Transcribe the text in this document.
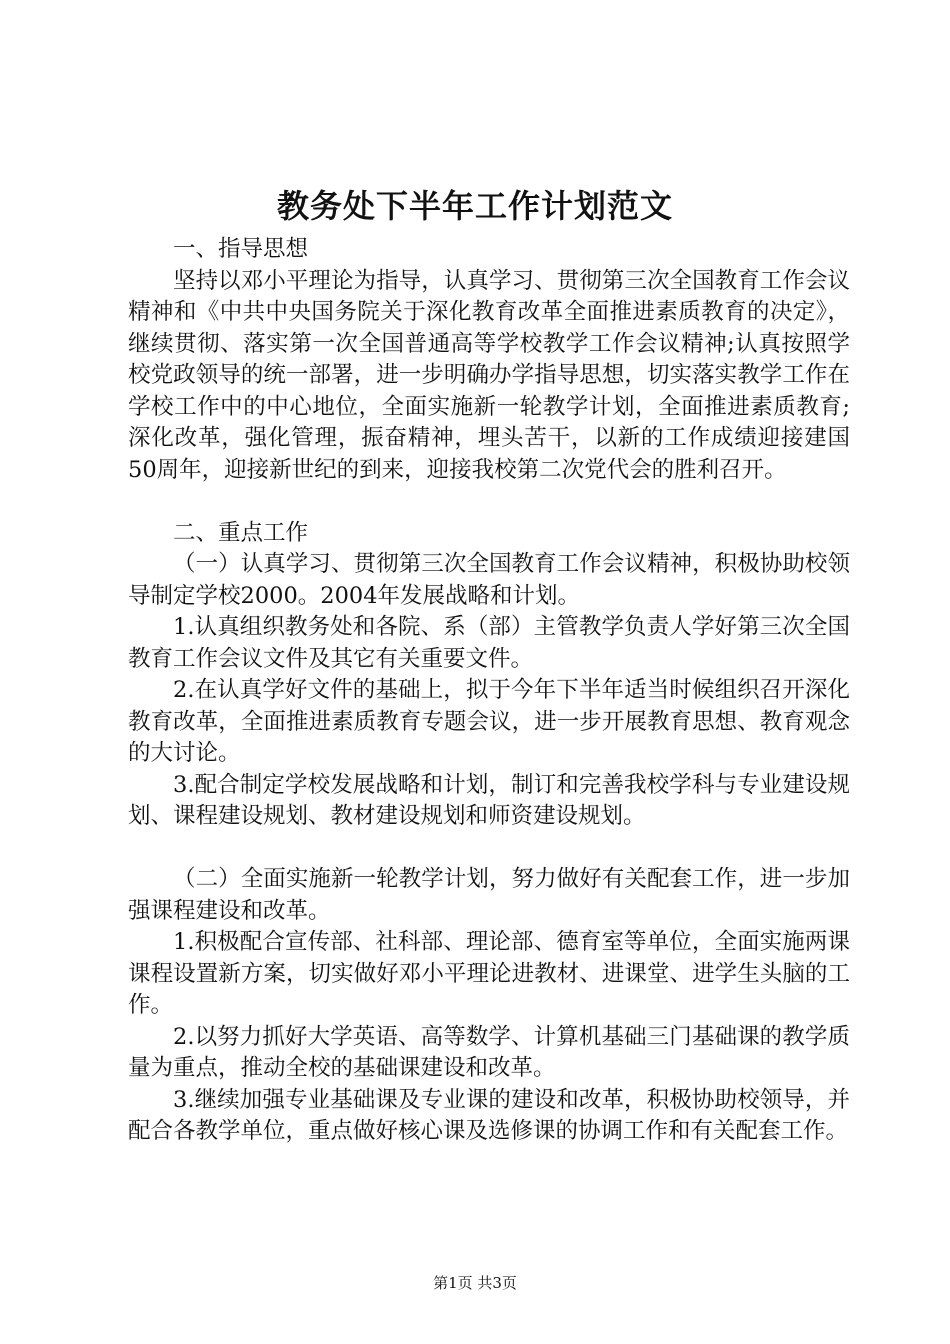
教务处下半年工作计划范文

一、指导思想

坚持以邓小平理论为指导，认真学习、贯彻第三次全国教育工作会议精神和《中共中央国务院关于深化教育改革全面推进素质教育的决定》，继续贯彻、落实第一次全国普通高等学校教学工作会议精神;认真按照学校党政领导的统一部署，进一步明确办学指导思想，切实落实教学工作在学校工作中的中心地位，全面实施新一轮教学计划，全面推进素质教育;深化改革，强化管理，振奋精神，埋头苦干，以新的工作成绩迎接建国50周年，迎接新世纪的到来，迎接我校第二次党代会的胜利召开。

二、重点工作

（一）认真学习、贯彻第三次全国教育工作会议精神，积极协助校领导制定学校2000。2004年发展战略和计划。

1.认真组织教务处和各院、系（部）主管教学负责人学好第三次全国教育工作会议文件及其它有关重要文件。

2.在认真学好文件的基础上，拟于今年下半年适当时候组织召开深化教育改革，全面推进素质教育专题会议，进一步开展教育思想、教育观念的大讨论。

3.配合制定学校发展战略和计划，制订和完善我校学科与专业建设规划、课程建设规划、教材建设规划和师资建设规划。

（二）全面实施新一轮教学计划，努力做好有关配套工作，进一步加强课程建设和改革。

1.积极配合宣传部、社科部、理论部、德育室等单位，全面实施两课课程设置新方案，切实做好邓小平理论进教材、进课堂、进学生头脑的工作。

2.以努力抓好大学英语、高等数学、计算机基础三门基础课的教学质量为重点，推动全校的基础课建设和改革。

3.继续加强专业基础课及专业课的建设和改革，积极协助校领导，并配合各教学单位，重点做好核心课及选修课的协调工作和有关配套工作。

第1页 共3页
